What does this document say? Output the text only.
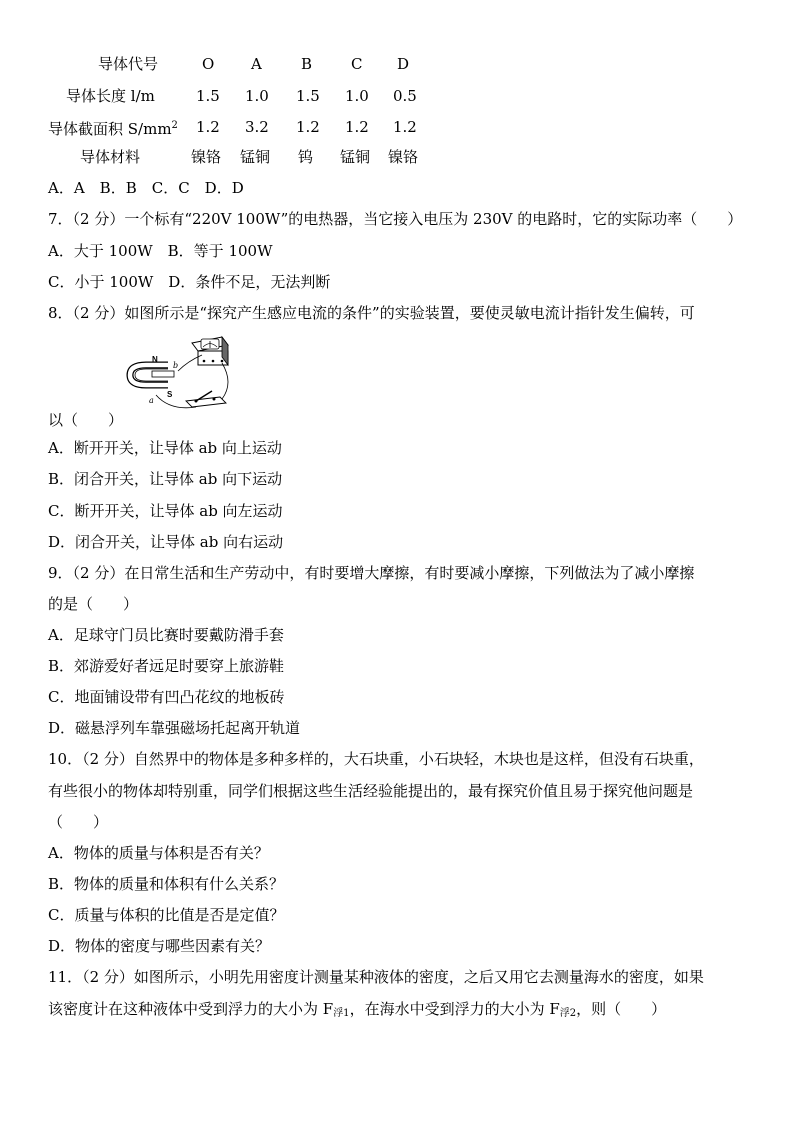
导体代号	O A	B	C D
导体长度 l/m	1.5 1.0 1.5 1.0 0.5
导体截面积 $S/mm^2$ 1.2 3.2 1.2 1.2 1.2
导体材料	镍铬 锰铜 钨 锰铜 镍铬
A．A　B．B　C．C　D．D
7．（2 分）一个标有“220V 100W”的电热器，当它接入电压为 230V 的电路时，它的实际功率（　　）
A．大于 100W　B．等于 100W
C．小于 100W　D．条件不足，无法判断
8．（2 分）如图所示是“探究产生感应电流的条件”的实验装置，要使灵敏电流计指针发生偏转，可
N
S
b
a
以（　　）
A．断开开关，让导体 ab 向上运动
B．闭合开关，让导体 ab 向下运动
C．断开开关，让导体 ab 向左运动
D．闭合开关，让导体 ab 向右运动
9．（2 分）在日常生活和生产劳动中，有时要增大摩擦，有时要减小摩擦，下列做法为了减小摩擦
的是（　　）
A．足球守门员比赛时要戴防滑手套
B．郊游爱好者远足时要穿上旅游鞋
C．地面铺设带有凹凸花纹的地板砖
D．磁悬浮列车靠强磁场托起离开轨道
10．（2 分）自然界中的物体是多种多样的，大石块重，小石块轻，木块也是这样，但没有石块重，
有些很小的物体却特别重，同学们根据这些生活经验能提出的，最有探究价值且易于探究他问题是
（　　）
A．物体的质量与体积是否有关？
B．物体的质量和体积有什么关系？
C．质量与体积的比值是否是定值？
D．物体的密度与哪些因素有关？
11．（2 分）如图所示，小明先用密度计测量某种液体的密度，之后又用它去测量海水的密度，如果
该密度计在这种液体中受到浮力的大小为 $F_{浮1}$，在海水中受到浮力的大小为 $F_{浮2}$，则（　　）
